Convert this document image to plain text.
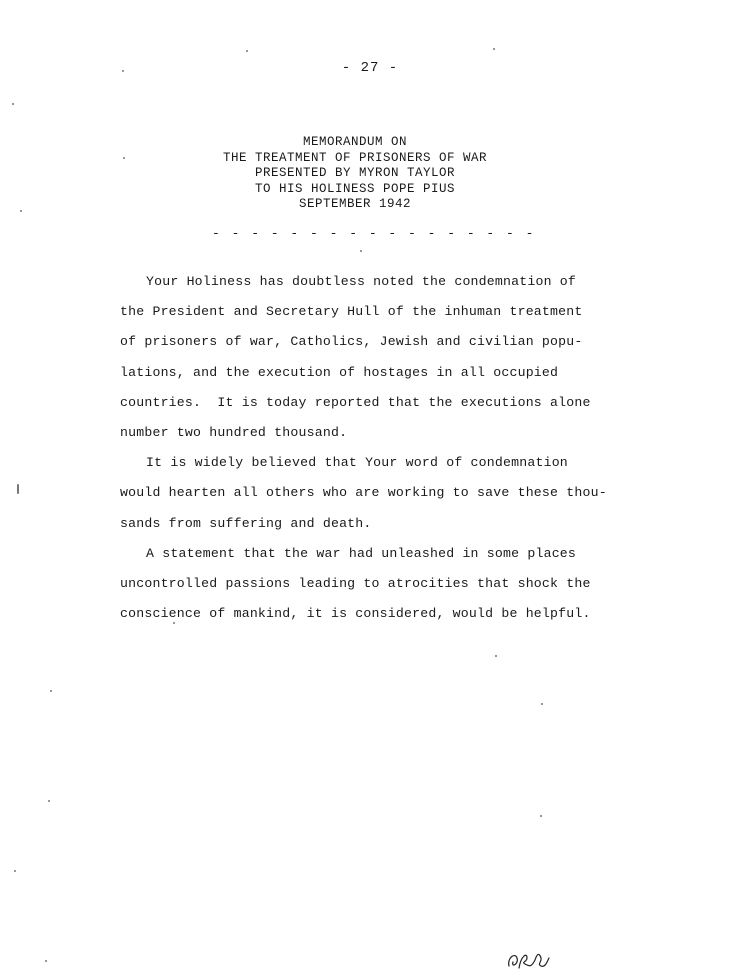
- 27 -
MEMORANDUM ON
THE TREATMENT OF PRISONERS OF WAR
PRESENTED BY MYRON TAYLOR
TO HIS HOLINESS POPE PIUS
SEPTEMBER 1942
- - - - - - - - - - - - - - - - -
Your Holiness has doubtless noted the condemnation of
the President and Secretary Hull of the inhuman treatment
of prisoners of war, Catholics, Jewish and civilian popu-
lations, and the execution of hostages in all occupied
countries.  It is today reported that the executions alone
number two hundred thousand.
It is widely believed that Your word of condemnation
would hearten all others who are working to save these thou-
sands from suffering and death.
A statement that the war had unleashed in some places
uncontrolled passions leading to atrocities that shock the
conscience of mankind, it is considered, would be helpful.
